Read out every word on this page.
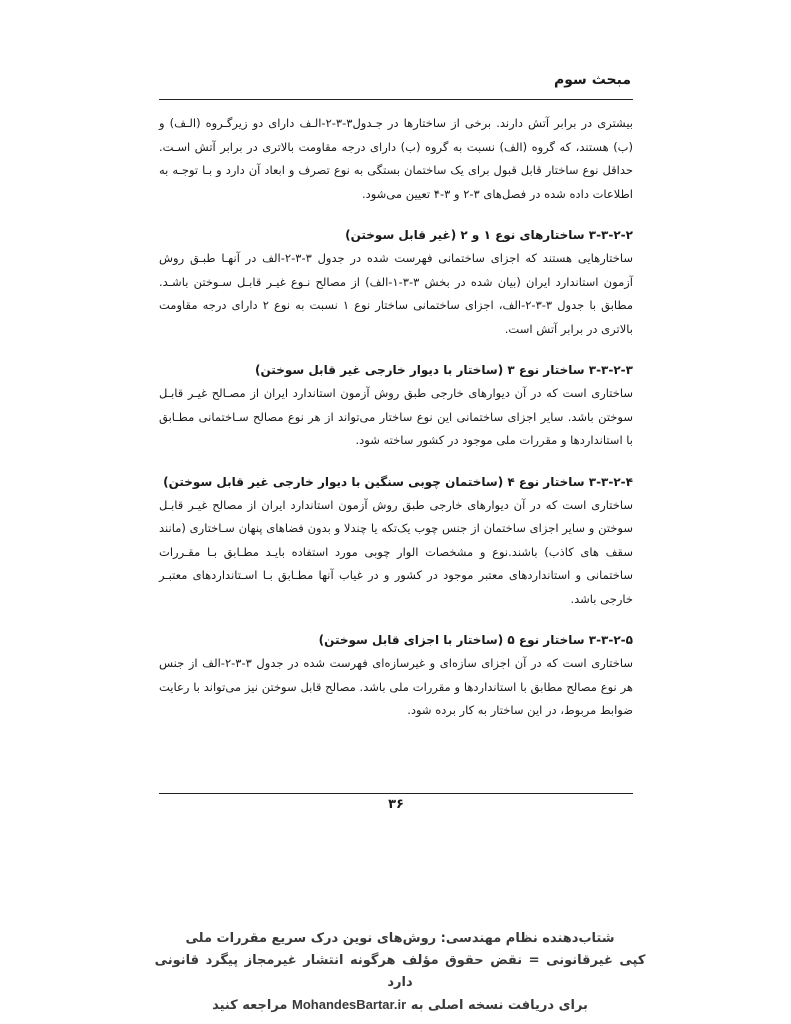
مبحث سوم

بیشتری در برابر آتش دارند. برخی از ساختارها در جـدول۳-۳-۲-الـف دارای دو زیرگـروه (الـف) و (ب) هستند، که گروه (الف) نسبت به گروه (ب) دارای درجه مقاومت بالاتری در برابر آتش اسـت. حداقل نوع ساختار قابل قبول برای یک ساختمان بستگی به نوع تصرف و ابعاد آن دارد و بـا توجـه به اطلاعات داده شده در فصل‌های ۳-۲ و ۳-۴ تعیین می‌شود.

۳-۳-۲-۲ ساختارهای نوع ۱ و ۲ (غیر قابل سوختن)

ساختارهایی هستند که اجزای ساختمانی فهرست شده در جدول ۳-۳-۲-الف در آنهـا طبـق روش آزمون استاندارد ایران (بیان شده در بخش ۳-۳-۱-الف) از مصالح نـوع غیـر قابـل سـوختن باشـد. مطابق با جدول ۳-۳-۲-الف، اجزای ساختمانی ساختار نوع ۱ نسبت به نوع ۲ دارای درجه مقاومت بالاتری در برابر آتش است.

۳-۳-۲-۳ ساختار نوع ۳ (ساختار با دیوار خارجی غیر قابل سوختن)

ساختاری است که در آن دیوارهای خارجی طبق روش آزمون استاندارد ایران از مصـالح غیـر قابـل سوختن باشد. سایر اجزای ساختمانی این نوع ساختار می‌تواند از هر نوع مصالح سـاختمانی مطـابق با استانداردها و مقررات ملی موجود در کشور ساخته شود.

۳-۳-۲-۴ ساختار نوع ۴ (ساختمان چوبی سنگین با دیوار خارجی غیر قابل سوختن)

ساختاری است که در آن دیوارهای خارجی طبق روش آزمون استاندارد ایران از مصالح غیـر قابـل سوختن و سایر اجزای ساختمان از جنس چوب یک‌تکه یا چندلا و بدون فضاهای پنهان سـاختاری (مانند سقف های کاذب) باشند.نوع و مشخصات الوار چوبی مورد استفاده بایـد مطـابق بـا مقـررات ساختمانی و استانداردهای معتبر موجود در کشور و در غیاب آنها مطـابق بـا اسـتانداردهای معتبـر خارجی باشد.

۳-۳-۲-۵ ساختار نوع ۵ (ساختار با اجزای قابل سوختن)

ساختاری است که در آن اجزای سازه‌ای و غیرسازه‌ای فهرست شده در جدول ۳-۳-۲-الف از جنس هر نوع مصالح مطابق با استانداردها و مقررات ملی باشد. مصالح قابل سوختن نیز می‌تواند با رعایت ضوابط مربوط، در این ساختار به کار برده شود.

۳۶
شتاب‌دهنده نظام مهندسی: روش‌های نوین درک سریع مقررات ملی
کپی غیرقانونی = نقض حقوق مؤلف هرگونه انتشار غیرمجاز پیگرد قانونی دارد
برای دریافت نسخه اصلی به MohandesBartar.ir مراجعه کنید
